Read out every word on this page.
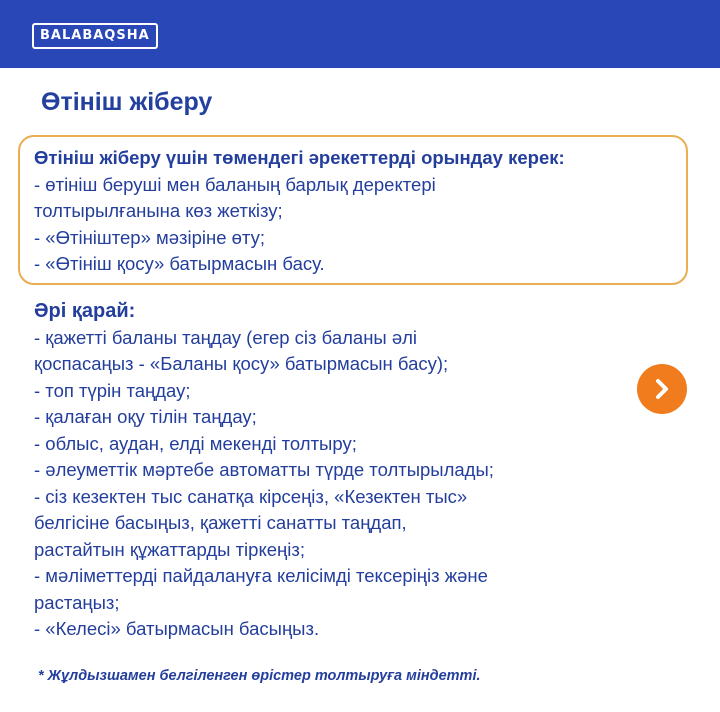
BALABAQSHA
Өтініш жіберу
Өтініш жіберу үшін төмендегі әрекеттерді орындау керек:
- өтініш беруші мен баланың барлық деректері
толтырылғанына көз жеткізу;
- «Өтініштер» мәзіріне өту;
- «Өтініш қосу» батырмасын басу.
Әрі қарай:
- қажетті баланы таңдау (егер сіз баланы әлі
қоспасаңыз - «Баланы қосу» батырмасын басу);
- топ түрін таңдау;
- қалаған оқу тілін таңдау;
- облыс, аудан, елді мекенді толтыру;
- әлеуметтік мәртебе автоматты түрде толтырылады;
- сіз кезектен тыс санатқа кірсеңіз, «Кезектен тыс»
белгісіне басыңыз, қажетті санатты таңдап,
растайтын құжаттарды тіркеңіз;
- мәліметтерді пайдалануға келісімді тексеріңіз және
растаңыз;
- «Келесі» батырмасын басыңыз.
* Жұлдызшамен белгіленген өрістер толтыруға міндетті.
